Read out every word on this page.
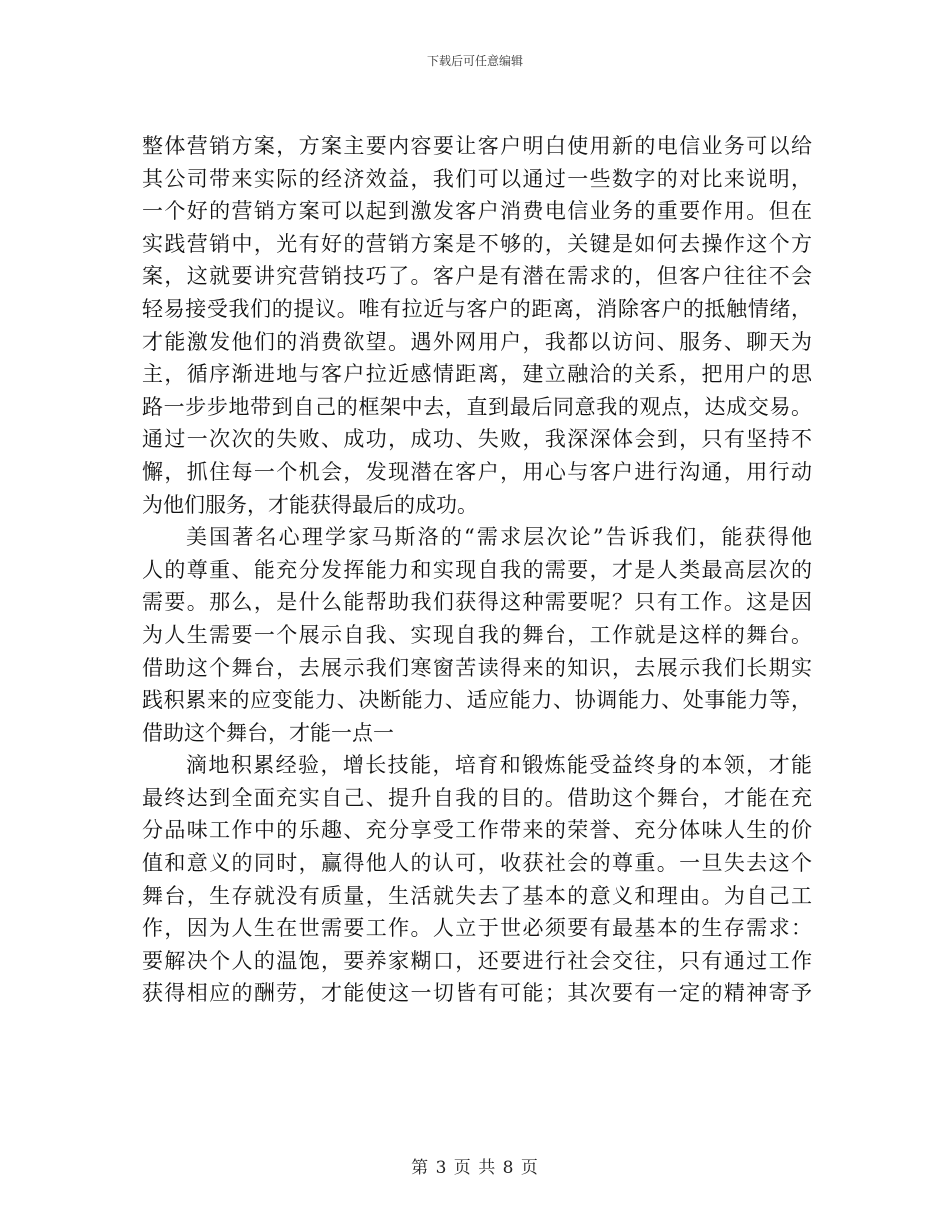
下载后可任意编辑
整体营销方案，方案主要内容要让客户明白使用新的电信业务可以给
其公司带来实际的经济效益，我们可以通过一些数字的对比来说明，
一个好的营销方案可以起到激发客户消费电信业务的重要作用。但在
实践营销中，光有好的营销方案是不够的，关键是如何去操作这个方
案，这就要讲究营销技巧了。客户是有潜在需求的，但客户往往不会
轻易接受我们的提议。唯有拉近与客户的距离，消除客户的抵触情绪，
才能激发他们的消费欲望。遇外网用户，我都以访问、服务、聊天为
主，循序渐进地与客户拉近感情距离，建立融洽的关系，把用户的思
路一步步地带到自己的框架中去，直到最后同意我的观点，达成交易。
通过一次次的失败、成功，成功、失败，我深深体会到，只有坚持不
懈，抓住每一个机会，发现潜在客户，用心与客户进行沟通，用行动
为他们服务，才能获得最后的成功。
美国著名心理学家马斯洛的“需求层次论”告诉我们，能获得他
人的尊重、能充分发挥能力和实现自我的需要，才是人类最高层次的
需要。那么，是什么能帮助我们获得这种需要呢？只有工作。这是因
为人生需要一个展示自我、实现自我的舞台，工作就是这样的舞台。
借助这个舞台，去展示我们寒窗苦读得来的知识，去展示我们长期实
践积累来的应变能力、决断能力、适应能力、协调能力、处事能力等，
借助这个舞台，才能一点一
滴地积累经验，增长技能，培育和锻炼能受益终身的本领，才能
最终达到全面充实自己、提升自我的目的。借助这个舞台，才能在充
分品味工作中的乐趣、充分享受工作带来的荣誉、充分体味人生的价
值和意义的同时，赢得他人的认可，收获社会的尊重。一旦失去这个
舞台，生存就没有质量，生活就失去了基本的意义和理由。为自己工
作，因为人生在世需要工作。人立于世必须要有最基本的生存需求：
要解决个人的温饱，要养家糊口，还要进行社会交往，只有通过工作
获得相应的酬劳，才能使这一切皆有可能；其次要有一定的精神寄予
第 3 页 共 8 页
